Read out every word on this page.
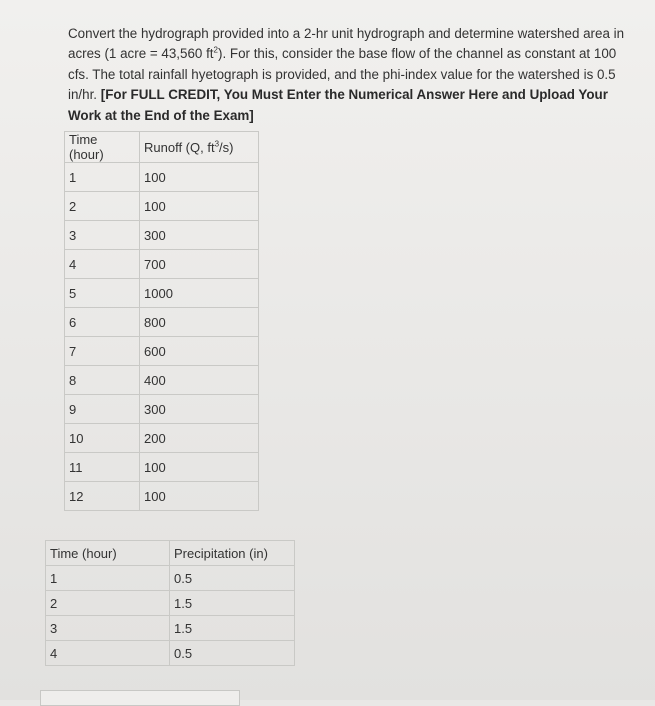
Convert the hydrograph provided into a 2-hr unit hydrograph and determine watershed area in acres (1 acre = 43,560 $ft^2$). For this, consider the base flow of the channel as constant at 100 cfs. The total rainfall hyetograph is provided, and the phi-index value for the watershed is 0.5 in/hr. [For FULL CREDIT, You Must Enter the Numerical Answer Here and Upload Your Work at the End of the Exam]
Time (hour)	Runoff (Q, $ft^3/s$)
1	100
2	100
3	300
4	700
5	1000
6	800
7	600
8	400
9	300
10	200
11	100
12	100
Time (hour)	Precipitation (in)
1	0.5
2	1.5
3	1.5
4	0.5
